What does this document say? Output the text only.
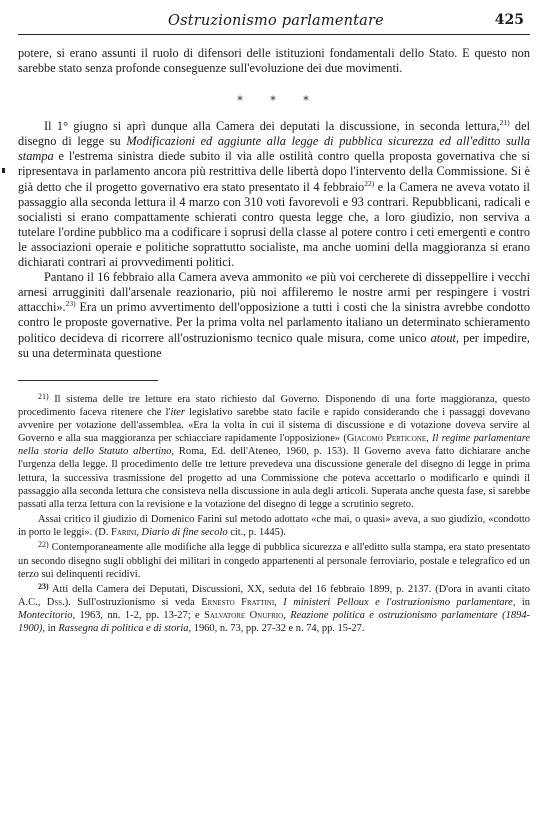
Ostruzionismo parlamentare	425

potere, si erano assunti il ruolo di difensori delle istituzioni fondamentali dello Stato. E questo non sarebbe stato senza profonde conseguenze sull'evoluzione dei due movimenti.

* * *

Il 1° giugno si aprì dunque alla Camera dei deputati la discussione, in seconda lettura,$^{21)}$ del disegno di legge su Modificazioni ed aggiunte alla legge di pubblica sicurezza ed all'editto sulla stampa e l'estrema sinistra diede subito il via alle ostilità contro quella proposta governativa che si ripresentava in parlamento ancora più restrittiva delle libertà dopo l'intervento della Commissione. Si è già detto che il progetto governativo era stato presentato il 4 febbraio$^{22)}$ e la Camera ne aveva votato il passaggio alla seconda lettura il 4 marzo con 310 voti favorevoli e 93 contrari. Repubblicani, radicali e socialisti si erano compattamente schierati contro questa legge che, a loro giudizio, non serviva a tutelare l'ordine pubblico ma a codificare i soprusi della classe al potere contro i ceti emergenti e contro le associazioni operaie e politiche soprattutto socialiste, ma anche uomini della maggioranza si erano dichiarati contrari ai provvedimenti politici.

Pantano il 16 febbraio alla Camera aveva ammonito «e più voi cercherete di disseppellire i vecchi arnesi arrugginiti dall'arsenale reazionario, più noi affileremo le nostre armi per respingere i vostri attacchi».$^{23)}$ Era un primo avvertimento dell'opposizione a tutti i costi che la sinistra avrebbe condotto contro le proposte governative. Per la prima volta nel parlamento italiano un determinato schieramento politico decideva di ricorrere all'ostruzionismo tecnico quale misura, come unico atout, per impedire, su una determinata questione

$^{21)}$ Il sistema delle tre letture era stato richiesto dal Governo. Disponendo di una forte maggioranza, questo procedimento faceva ritenere che l'iter legislativo sarebbe stato facile e rapido considerando che i passaggi dovevano avvenire per votazione dell'assemblea. «Era la volta in cui il sistema di discussione e di votazione doveva servire al Governo e alla sua maggioranza per schiacciare rapidamente l'opposizione» (Giacomo Perticone, Il regime parlamentare nella storia dello Statuto albertino, Roma, Ed. dell'Ateneo, 1960, p. 153). Il Governo aveva fatto dichiarare anche l'urgenza della legge. Il procedimento delle tre letture prevedeva una discussione generale del disegno di legge in prima lettura, la successiva trasmissione del progetto ad una Commissione che poteva accettarlo o modificarlo e quindi il passaggio alla seconda lettura che consisteva nella discussione in aula degli articoli. Superata anche questa fase, si sarebbe passati alla terza lettura con la revisione e la votazione del disegno di legge a scrutinio segreto.

Assai critico il giudizio di Domenico Farini sul metodo adottato «che mai, o quasi» aveva, a suo giudizio, «condotto in porto le leggi». (D. Farini, Diario di fine secolo cit., p. 1445).

$^{22)}$ Contemporaneamente alle modifiche alla legge di pubblica sicurezza e all'editto sulla stampa, era stato presentato un secondo disegno sugli obblighi dei militari in congedo appartenenti al personale ferroviario, postale e telegrafico ed un terzo sui delinquenti recidivi.

$^{23)}$ Atti della Camera dei Deputati, Discussioni, XX, seduta del 16 febbraio 1899, p. 2137. (D'ora in avanti citato A.C., Dss.). Sull'ostruzionismo si veda Ernesto Frattini, I ministeri Pelloux e l'ostruzionismo parlamentare, in Montecitorio, 1963, nn. 1-2, pp. 13-27; e Salvatore Onufrio, Reazione politica e ostruzionismo parlamentare (1894-1900), in Rassegna di politica e di storia, 1960, n. 73, pp. 27-32 e n. 74, pp. 15-27.
